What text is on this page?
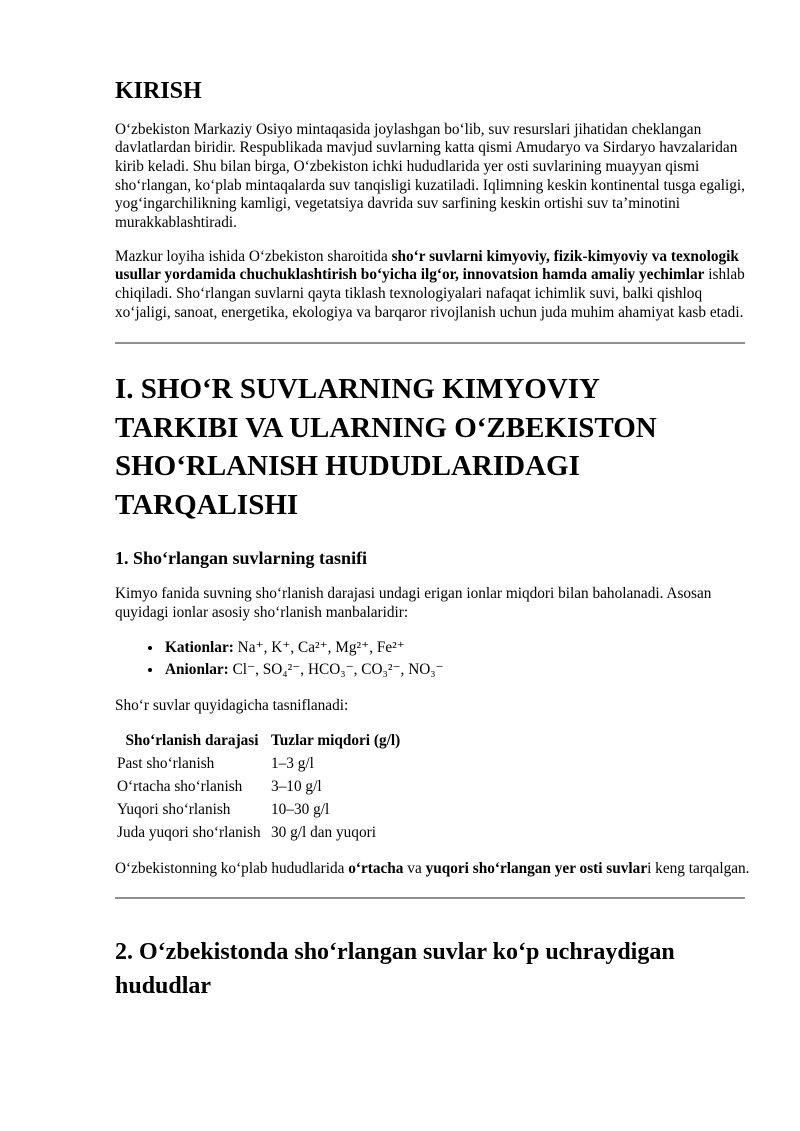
KIRISH

O‘zbekiston Markaziy Osiyo mintaqasida joylashgan bo‘lib, suv resurslari jihatidan cheklangan davlatlardan biridir. Respublikada mavjud suvlarning katta qismi Amudaryo va Sirdaryo havzalaridan kirib keladi. Shu bilan birga, O‘zbekiston ichki hududlarida yer osti suvlarining muayyan qismi sho‘rlangan, ko‘plab mintaqalarda suv tanqisligi kuzatiladi. Iqlimning keskin kontinental tusga egaligi, yog‘ingarchilikning kamligi, vegetatsiya davrida suv sarfining keskin ortishi suv ta’minotini murakkablashtiradi.

Mazkur loyiha ishida O‘zbekiston sharoitida sho‘r suvlarni kimyoviy, fizik-kimyoviy va texnologik usullar yordamida chuchuklashtirish bo‘yicha ilg‘or, innovatsion hamda amaliy yechimlar ishlab chiqiladi. Sho‘rlangan suvlarni qayta tiklash texnologiyalari nafaqat ichimlik suvi, balki qishloq xo‘jaligi, sanoat, energetika, ekologiya va barqaror rivojlanish uchun juda muhim ahamiyat kasb etadi.

I. SHO‘R SUVLARNING KIMYOVIY
TARKIBI VA ULARNING O‘ZBEKISTON
SHO‘RLANISH HUDUDLARIDAGI
TARQALISHI
1. Sho‘rlangan suvlarning tasnifi

Kimyo fanida suvning sho‘rlanish darajasi undagi erigan ionlar miqdori bilan baholanadi. Asosan quyidagi ionlar asosiy sho‘rlanish manbalaridir:

• Kationlar: Na⁺, K⁺, Ca²⁺, Mg²⁺, Fe²⁺
• Anionlar: Cl⁻, SO₄²⁻, HCO₃⁻, CO₃²⁻, NO₃⁻

Sho‘r suvlar quyidagicha tasniflanadi:

Sho‘rlanish darajasi	Tuzlar miqdori (g/l)
Past sho‘rlanish	1–3 g/l
O‘rtacha sho‘rlanish	3–10 g/l
Yuqori sho‘rlanish	10–30 g/l
Juda yuqori sho‘rlanish	30 g/l dan yuqori

O‘zbekistonning ko‘plab hududlarida o‘rtacha va yuqori sho‘rlangan yer osti suvlari keng tarqalgan.

2. O‘zbekistonda sho‘rlangan suvlar ko‘p uchraydigan
hududlar
